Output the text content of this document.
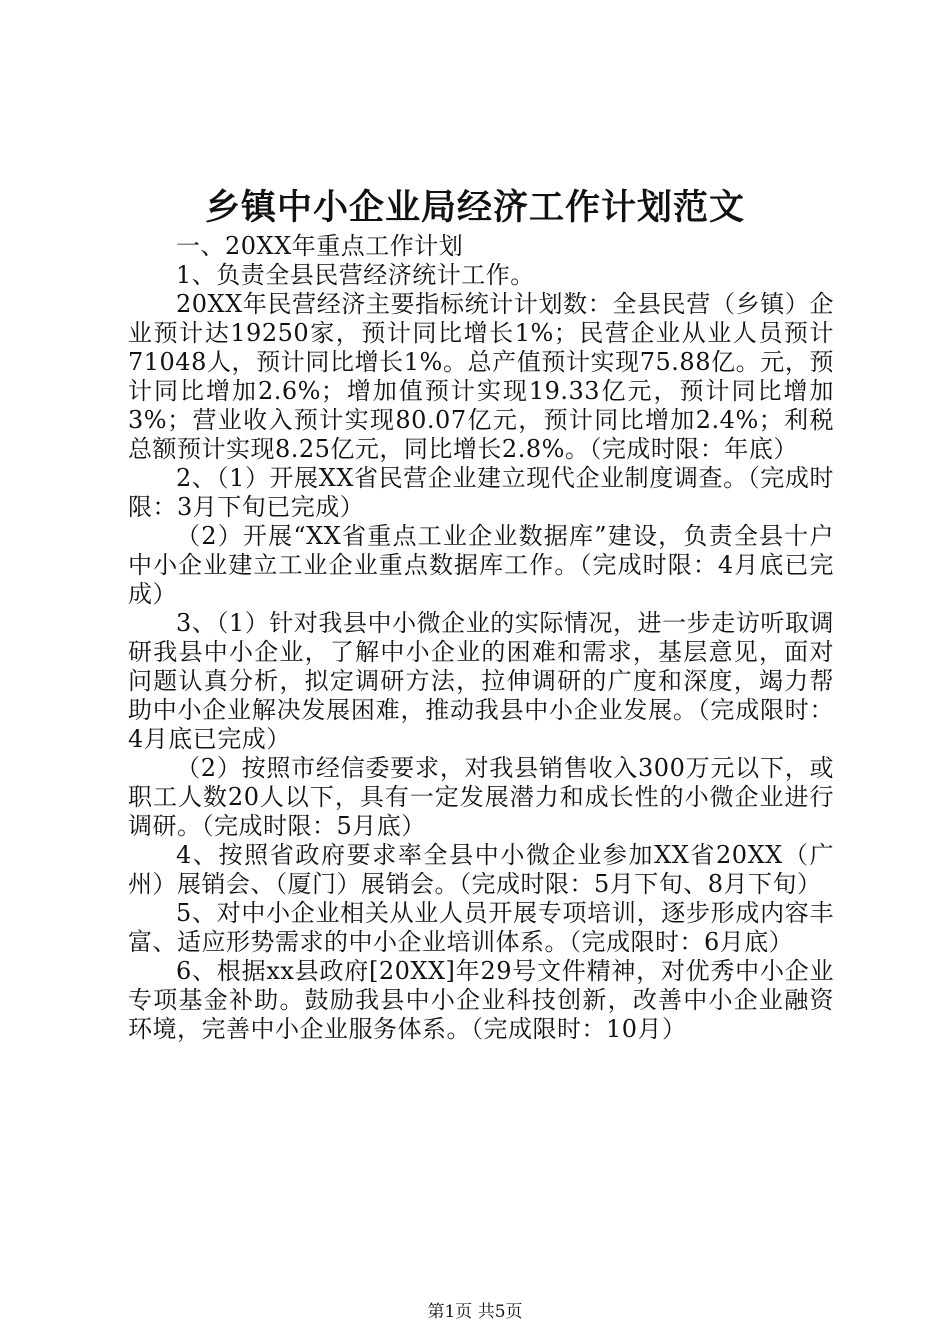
乡镇中小企业局经济工作计划范文

一、20XX年重点工作计划

1、负责全县民营经济统计工作。

20XX年民营经济主要指标统计计划数：全县民营（乡镇）企业预计达19250家，预计同比增长1%；民营企业从业人员预计71048人，预计同比增长1%。总产值预计实现75.88亿。元，预计同比增加2.6%；增加值预计实现19.33亿元，预计同比增加3%；营业收入预计实现80.07亿元，预计同比增加2.4%；利税总额预计实现8.25亿元，同比增长2.8%。（完成时限：年底）

2、（1）开展XX省民营企业建立现代企业制度调查。（完成时限：3月下旬已完成）

（2）开展“XX省重点工业企业数据库”建设，负责全县十户中小企业建立工业企业重点数据库工作。（完成时限：4月底已完成）

3、（1）针对我县中小微企业的实际情况，进一步走访听取调研我县中小企业，了解中小企业的困难和需求，基层意见，面对问题认真分析，拟定调研方法，拉伸调研的广度和深度，竭力帮助中小企业解决发展困难，推动我县中小企业发展。（完成限时：4月底已完成）

（2）按照市经信委要求，对我县销售收入300万元以下，或职工人数20人以下，具有一定发展潜力和成长性的小微企业进行调研。（完成时限：5月底）

4、按照省政府要求率全县中小微企业参加XX省20XX（广州）展销会、（厦门）展销会。（完成时限：5月下旬、8月下旬）

5、对中小企业相关从业人员开展专项培训，逐步形成内容丰富、适应形势需求的中小企业培训体系。（完成限时：6月底）

6、根据xx县政府[20XX]年29号文件精神，对优秀中小企业专项基金补助。鼓励我县中小企业科技创新，改善中小企业融资环境，完善中小企业服务体系。（完成限时：10月）

第1页 共5页
